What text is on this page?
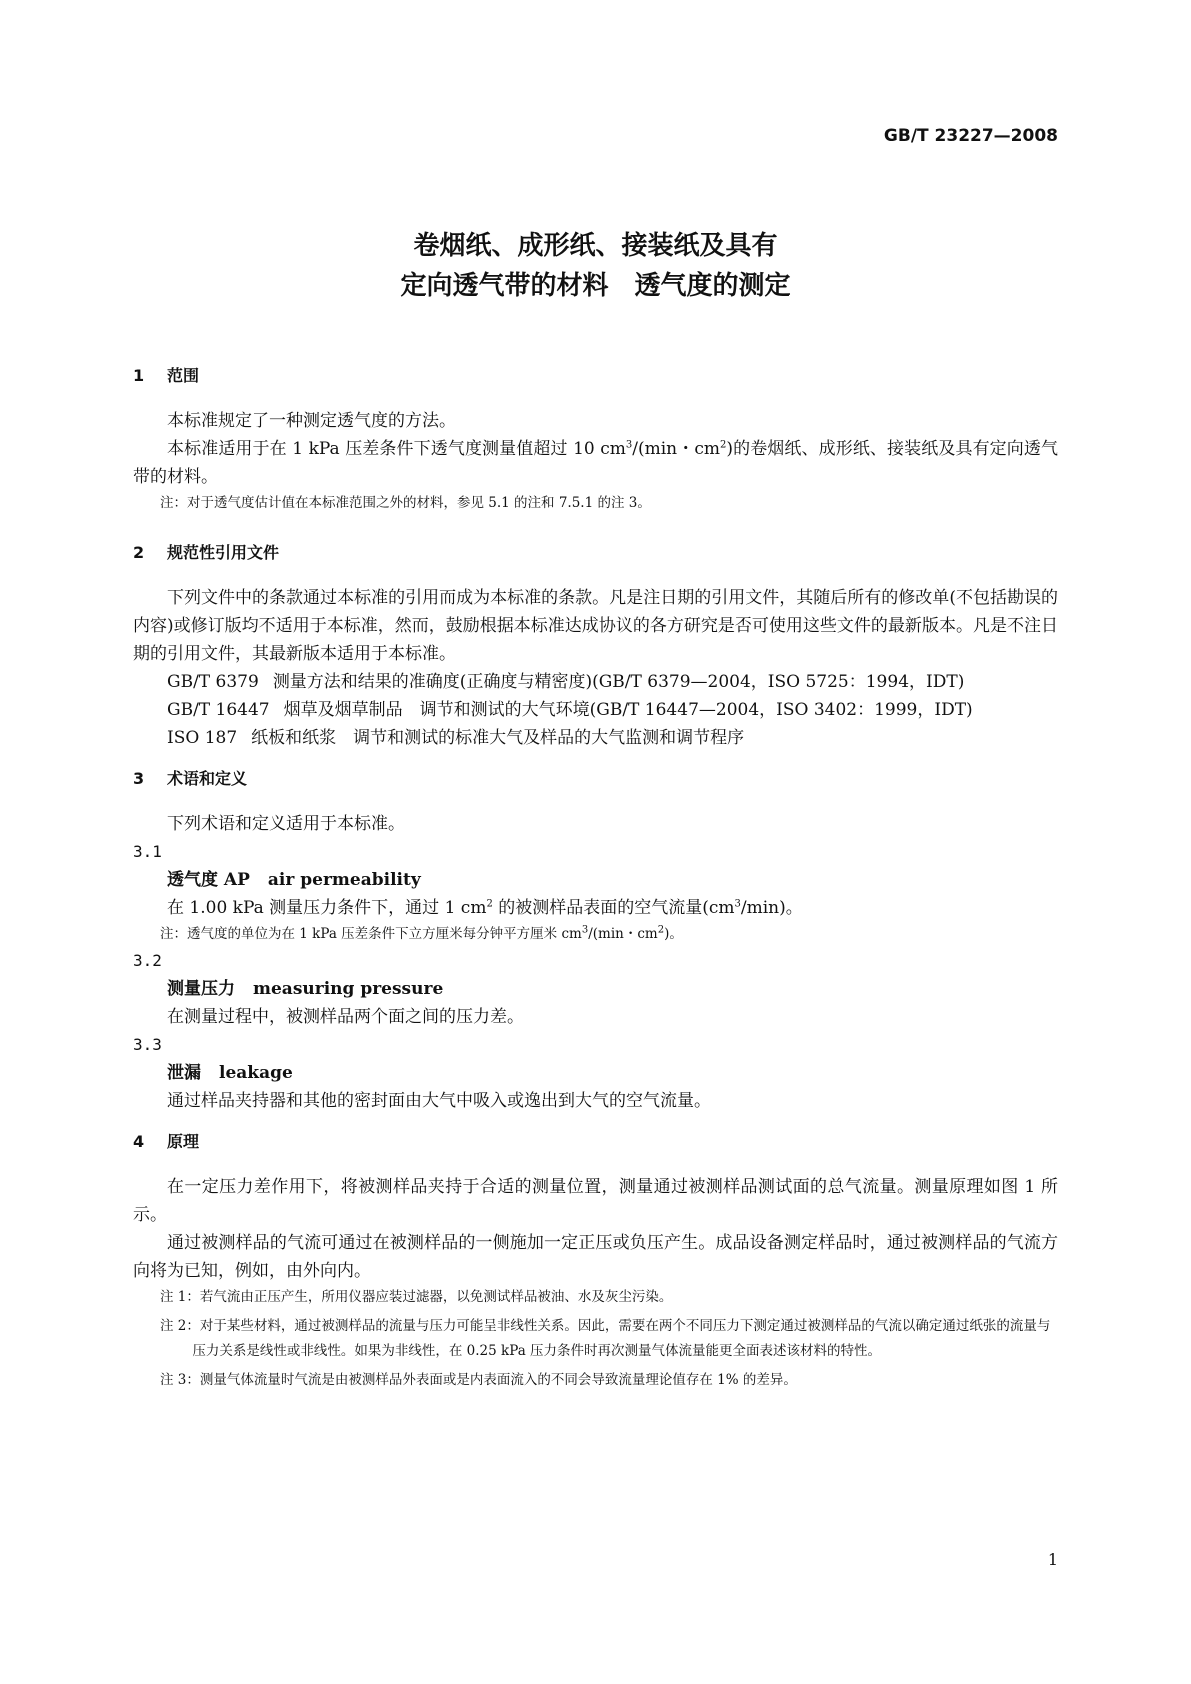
GB/T 23227—2008
卷烟纸、成形纸、接装纸及具有
定向透气带的材料　透气度的测定
1 范围

本标准规定了一种测定透气度的方法。

本标准适用于在 1 kPa 压差条件下透气度测量值超过 10 $cm^3/(\min$・$cm^2$)的卷烟纸、成形纸、接装纸及具有定向透气带的材料。

注：对于透气度估计值在本标准范围之外的材料，参见 5.1 的注和 7.5.1 的注 3。

2 规范性引用文件

下列文件中的条款通过本标准的引用而成为本标准的条款。凡是注日期的引用文件，其随后所有的修改单(不包括勘误的内容)或修订版均不适用于本标准，然而，鼓励根据本标准达成协议的各方研究是否可使用这些文件的最新版本。凡是不注日期的引用文件，其最新版本适用于本标准。

GB/T 6379 测量方法和结果的准确度(正确度与精密度)(GB/T 6379—2004，ISO 5725：1994，IDT)

GB/T 16447 烟草及烟草制品　调节和测试的大气环境(GB/T 16447—2004，ISO 3402：1999，IDT)

ISO 187 纸板和纸浆　调节和测试的标准大气及样品的大气监测和调节程序

3 术语和定义

下列术语和定义适用于本标准。

3.1

透气度 AP air permeability

在 1.00 kPa 测量压力条件下，通过 1 $cm^2$ 的被测样品表面的空气流量$(cm^3/\min)$。

注：透气度的单位为在 1 kPa 压差条件下立方厘米每分钟平方厘米 $cm^3/(\min$・$cm^2$)。

3.2

测量压力 measuring pressure

在测量过程中，被测样品两个面之间的压力差。

3.3

泄漏 leakage

通过样品夹持器和其他的密封面由大气中吸入或逸出到大气的空气流量。

4 原理

在一定压力差作用下，将被测样品夹持于合适的测量位置，测量通过被测样品测试面的总气流量。测量原理如图 1 所示。

通过被测样品的气流可通过在被测样品的一侧施加一定正压或负压产生。成品设备测定样品时，通过被测样品的气流方向将为已知，例如，由外向内。

注 1：若气流由正压产生，所用仪器应装过滤器，以免测试样品被油、水及灰尘污染。

注 2：对于某些材料，通过被测样品的流量与压力可能呈非线性关系。因此，需要在两个不同压力下测定通过被测样品的气流以确定通过纸张的流量与压力关系是线性或非线性。如果为非线性，在 0.25 kPa 压力条件时再次测量气体流量能更全面表述该材料的特性。

注 3：测量气体流量时气流是由被测样品外表面或是内表面流入的不同会导致流量理论值存在 1% 的差异。

1
